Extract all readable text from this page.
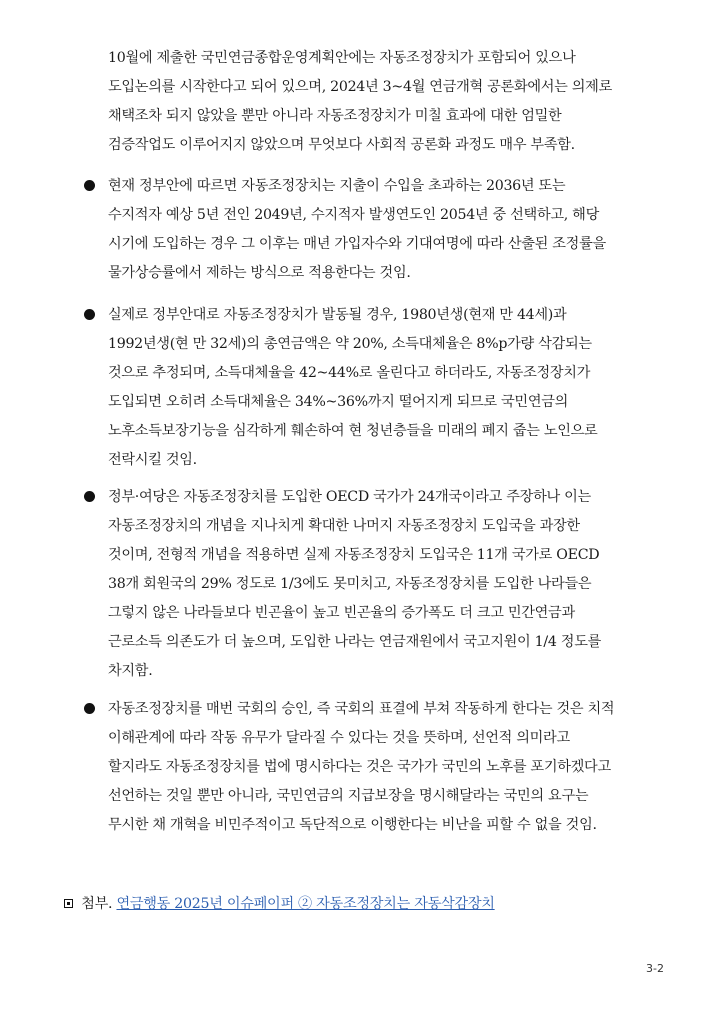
10월에 제출한 국민연금종합운영계획안에는 자동조정장치가 포함되어 있으나
도입논의를 시작한다고 되어 있으며, 2024년 3~4월 연금개혁 공론화에서는 의제로
채택조차 되지 않았을 뿐만 아니라 자동조정장치가 미칠 효과에 대한 엄밀한
검증작업도 이루어지지 않았으며 무엇보다 사회적 공론화 과정도 매우 부족함.
현재 정부안에 따르면 자동조정장치는 지출이 수입을 초과하는 2036년 또는
수지적자 예상 5년 전인 2049년, 수지적자 발생연도인 2054년 중 선택하고, 해당
시기에 도입하는 경우 그 이후는 매년 가입자수와 기대여명에 따라 산출된 조정률을
물가상승률에서 제하는 방식으로 적용한다는 것임.
실제로 정부안대로 자동조정장치가 발동될 경우, 1980년생(현재 만 44세)과
1992년생(현 만 32세)의 총연금액은 약 20%, 소득대체율은 8%p가량 삭감되는
것으로 추정되며, 소득대체율을 42~44%로 올린다고 하더라도, 자동조정장치가
도입되면 오히려 소득대체율은 34%~36%까지 떨어지게 되므로 국민연금의
노후소득보장기능을 심각하게 훼손하여 현 청년층들을 미래의 폐지 줍는 노인으로
전락시킬 것임.
정부·여당은 자동조정장치를 도입한 OECD 국가가 24개국이라고 주장하나 이는
자동조정장치의 개념을 지나치게 확대한 나머지 자동조정장치 도입국을 과장한
것이며, 전형적 개념을 적용하면 실제 자동조정장치 도입국은 11개 국가로 OECD
38개 회원국의 29% 정도로 1/3에도 못미치고, 자동조정장치를 도입한 나라들은
그렇지 않은 나라들보다 빈곤율이 높고 빈곤율의 증가폭도 더 크고 민간연금과
근로소득 의존도가 더 높으며, 도입한 나라는 연금재원에서 국고지원이 1/4 정도를
차지함.
자동조정장치를 매번 국회의 승인, 즉 국회의 표결에 부쳐 작동하게 한다는 것은 치적
이해관계에 따라 작동 유무가 달라질 수 있다는 것을 뜻하며, 선언적 의미라고
할지라도 자동조정장치를 법에 명시하다는 것은 국가가 국민의 노후를 포기하겠다고
선언하는 것일 뿐만 아니라, 국민연금의 지급보장을 명시해달라는 국민의 요구는
무시한 채 개혁을 비민주적이고 독단적으로 이행한다는 비난을 피할 수 없을 것임.
첨부. 연금행동 2025년 이슈페이퍼 ② 자동조정장치는 자동삭감장치
3-2
